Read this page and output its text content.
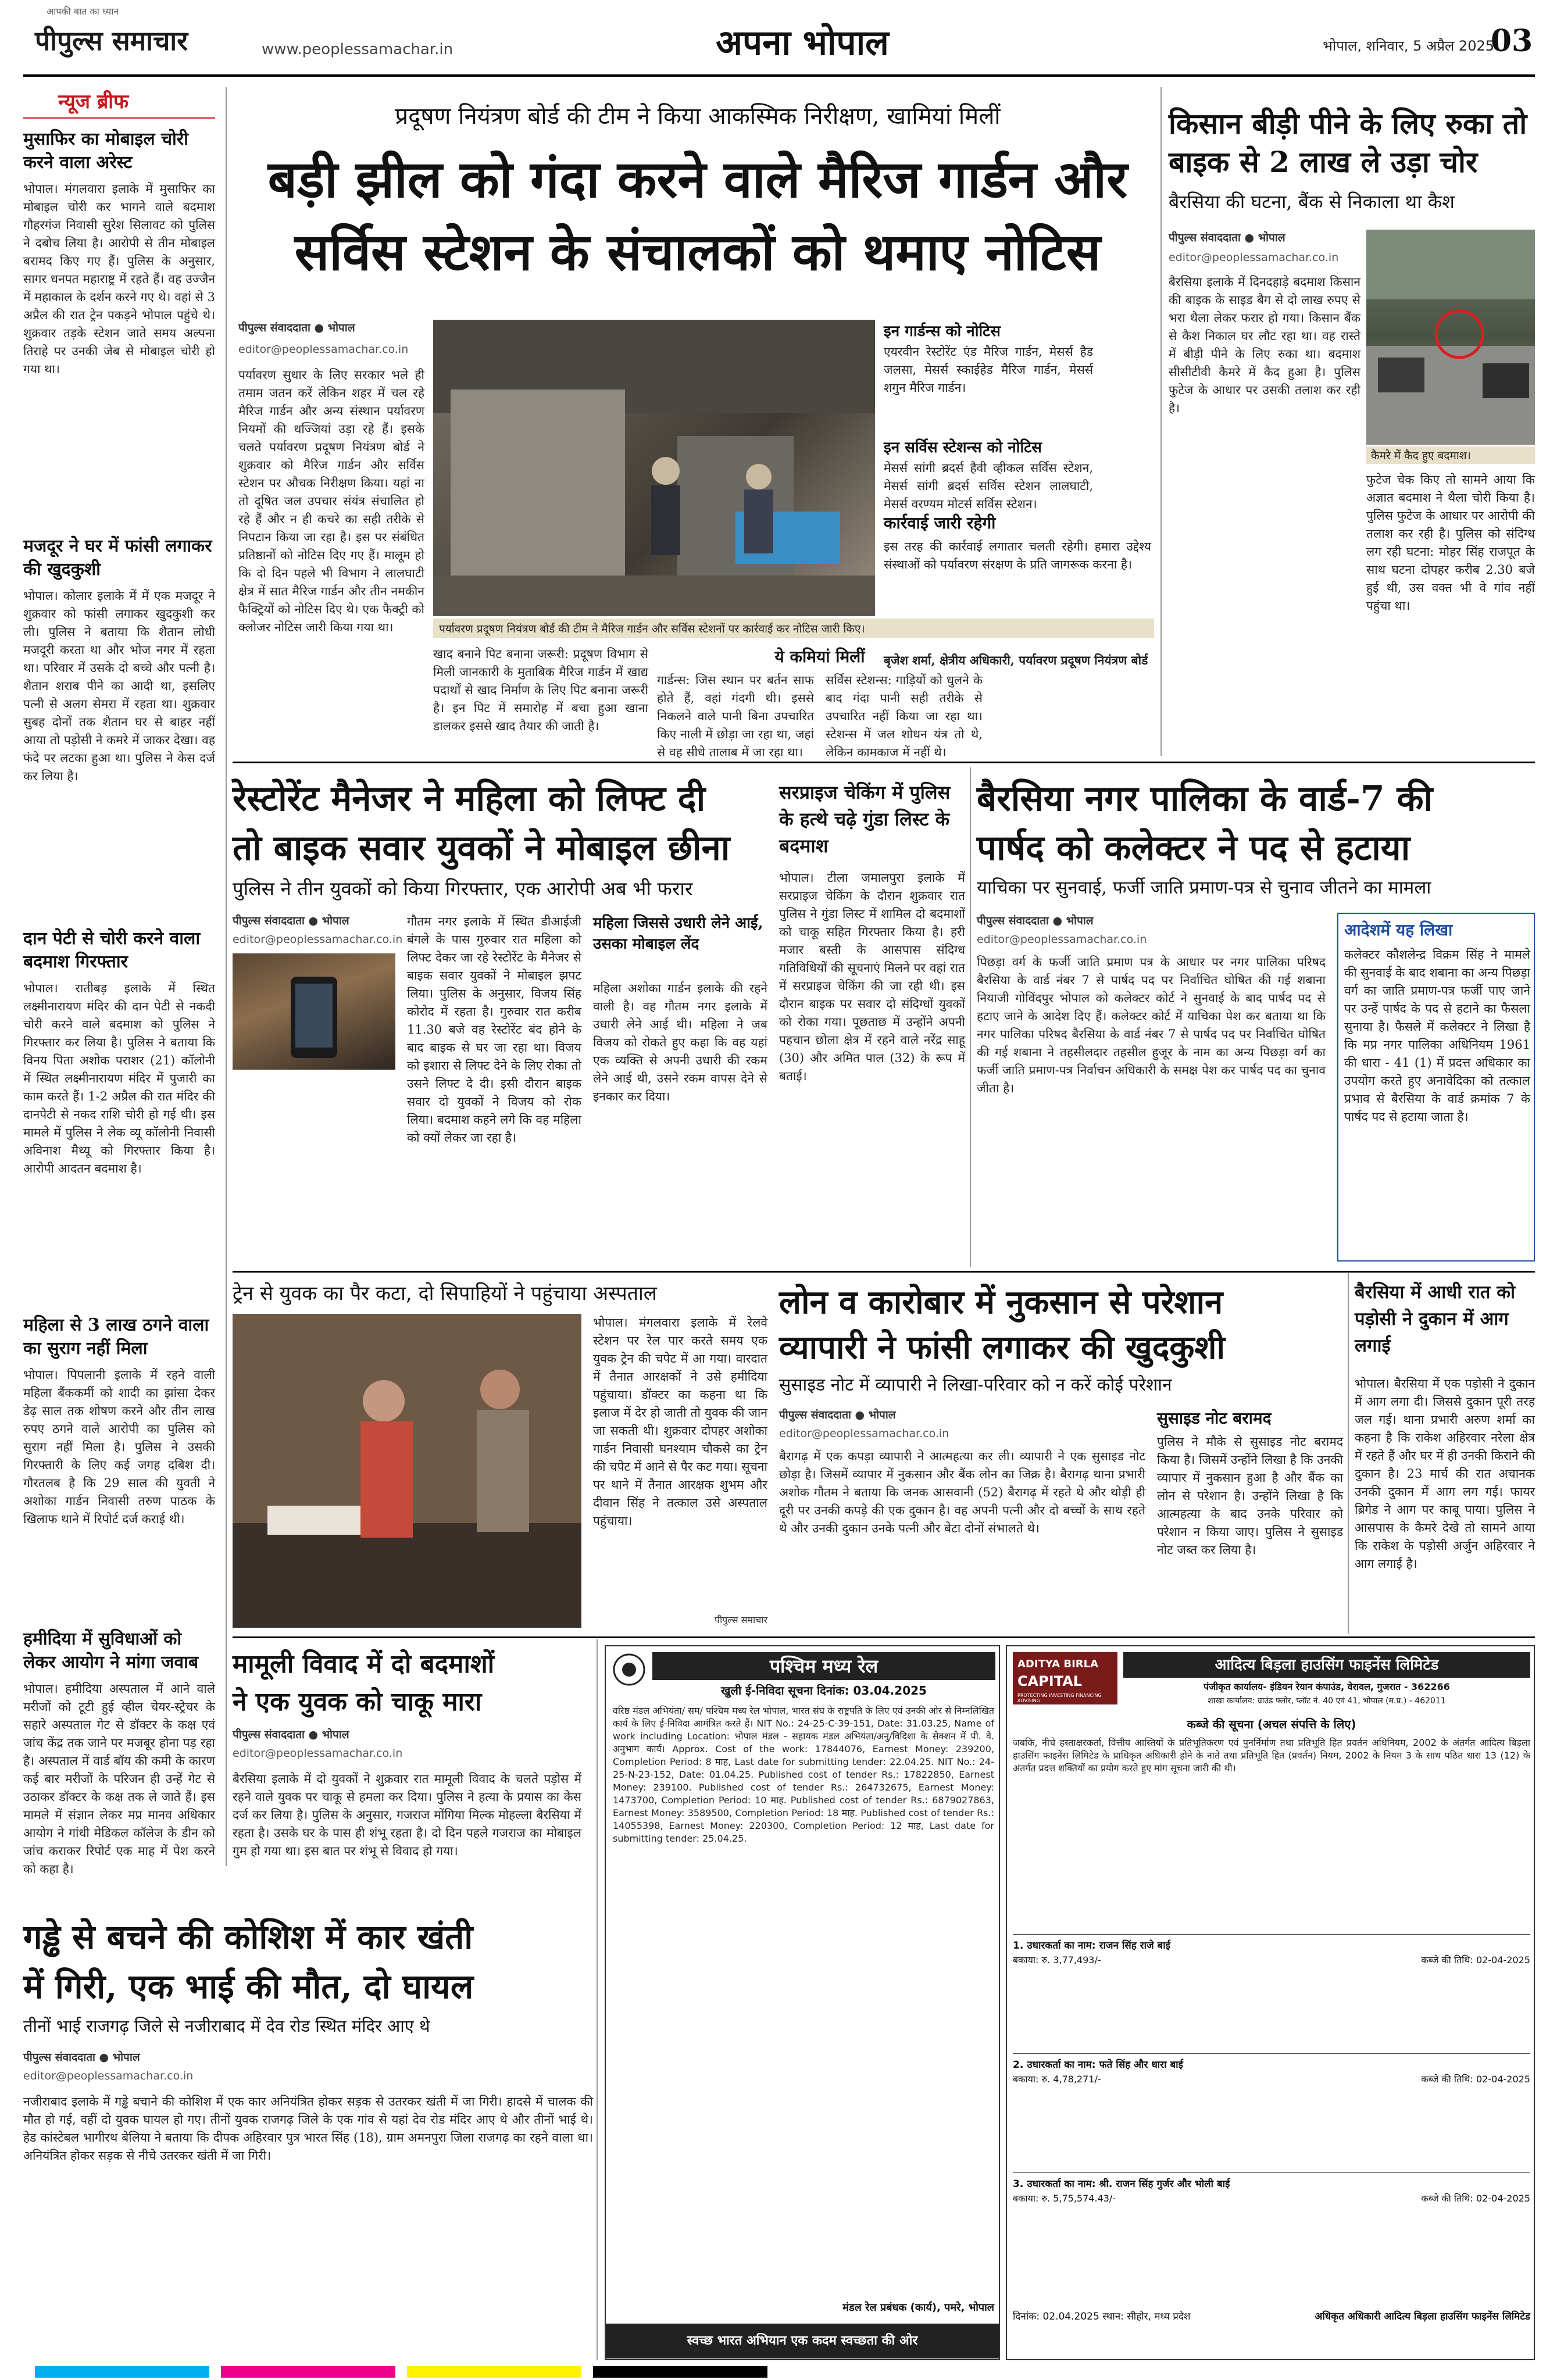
आपकी बात का ध्यान
पीपुल्स समाचार	www.peoplessamachar.in	अपना भोपाल	भोपाल, शनिवार, 5 अप्रैल 2025
03
न्यूज ब्रीफ
मुसाफिर का मोबाइल चोरी करने वाला अरेस्ट
भोपाल। मंगलवारा इलाके में मुसाफिर का मोबाइल चोरी कर भागने वाले बदमाश गौहरगंज निवासी सुरेश सिलावट को पुलिस ने दबोच लिया है। आरोपी से तीन मोबाइल बरामद किए गए हैं। पुलिस के अनुसार, सागर धनपत महाराष्ट्र में रहते हैं। वह उज्जैन में महाकाल के दर्शन करने गए थे। वहां से 3 अप्रैल की रात ट्रेन पकड़ने भोपाल पहुंचे थे। शुक्रवार तड़के स्टेशन जाते समय अल्पना तिराहे पर उनकी जेब से मोबाइल चोरी हो गया था।
मजदूर ने घर में फांसी लगाकर की खुदकुशी
भोपाल। कोलार इलाके में में एक मजदूर ने शुक्रवार को फांसी लगाकर खुदकुशी कर ली। पुलिस ने बताया कि शैतान लोधी मजदूरी करता था और भोज नगर में रहता था। परिवार में उसके दो बच्चे और पत्नी है। शैतान शराब पीने का आदी था, इसलिए पत्नी से अलग सेमरा में रहता था। शुक्रवार सुबह दोनों तक शैतान घर से बाहर नहीं आया तो पड़ोसी ने कमरे में जाकर देखा। वह फंदे पर लटका हुआ था। पुलिस ने केस दर्ज कर लिया है।
दान पेटी से चोरी करने वाला बदमाश गिरफ्तार
भोपाल। रातीबड़ इलाके में स्थित लक्ष्मीनारायण मंदिर की दान पेटी से नकदी चोरी करने वाले बदमाश को पुलिस ने गिरफ्तार कर लिया है। पुलिस ने बताया कि विनय पिता अशोक पराशर (21) कॉलोनी में स्थित लक्ष्मीनारायण मंदिर में पुजारी का काम करते हैं। 1-2 अप्रैल की रात मंदिर की दानपेटी से नकद राशि चोरी हो गई थी। इस मामले में पुलिस ने लेक व्यू कॉलोनी निवासी अविनाश मैथ्यू को गिरफ्तार किया है। आरोपी आदतन बदमाश है।
महिला से 3 लाख ठगने वाला का सुराग नहीं मिला
भोपाल। पिपलानी इलाके में रहने वाली महिला बैंककर्मी को शादी का झांसा देकर डेढ़ साल तक शोषण करने और तीन लाख रुपए ठगने वाले आरोपी का पुलिस को सुराग नहीं मिला है। पुलिस ने उसकी गिरफ्तारी के लिए कई जगह दबिश दी। गौरतलब है कि 29 साल की युवती ने अशोका गार्डन निवासी तरुण पाठक के खिलाफ थाने में रिपोर्ट दर्ज कराई थी।
हमीदिया में सुविधाओं को लेकर आयोग ने मांगा जवाब
भोपाल। हमीदिया अस्पताल में आने वाले मरीजों को टूटी हुई व्हील चेयर-स्ट्रेचर के सहारे अस्पताल गेट से डॉक्टर के कक्ष एवं जांच केंद्र तक जाने पर मजबूर होना पड़ रहा है। अस्पताल में वार्ड बॉय की कमी के कारण कई बार मरीजों के परिजन ही उन्हें गेट से उठाकर डॉक्टर के कक्ष तक ले जाते हैं। इस मामले में संज्ञान लेकर मप्र मानव अधिकार आयोग ने गांधी मेडिकल कॉलेज के डीन को जांच कराकर रिपोर्ट एक माह में पेश करने को कहा है।
प्रदूषण नियंत्रण बोर्ड की टीम ने किया आकस्मिक निरीक्षण, खामियां मिलीं
बड़ी झील को गंदा करने वाले मैरिज गार्डन और
सर्विस स्टेशन के संचालकों को थमाए नोटिस
पीपुल्स संवाददाता ● भोपाल
editor@peoplessamachar.co.in
पर्यावरण सुधार के लिए सरकार भले ही तमाम जतन करें लेकिन शहर में चल रहे मैरिज गार्डन और अन्य संस्थान पर्यावरण नियमों की धज्जियां उड़ा रहे हैं। इसके चलते पर्यावरण प्रदूषण नियंत्रण बोर्ड ने शुक्रवार को मैरिज गार्डन और सर्विस स्टेशन पर औचक निरीक्षण किया। यहां ना तो दूषित जल उपचार संयंत्र संचालित हो रहे हैं और न ही कचरे का सही तरीके से निपटान किया जा रहा है। इस पर संबंधित प्रतिष्ठानों को नोटिस दिए गए हैं। मालूम हो कि दो दिन पहले भी विभाग ने लालघाटी क्षेत्र में सात मैरिज गार्डन और तीन नमकीन फैक्ट्रियों को नोटिस दिए थे। एक फैक्ट्री को क्लोजर नोटिस जारी किया गया था।	पर्यावरण प्रदूषण नियंत्रण बोर्ड की टीम ने मैरिज गार्डन और सर्विस स्टेशनों पर कार्रवाई कर नोटिस जारी किए।
खाद बनाने पिट बनाना जरूरी: प्रदूषण विभाग से मिली जानकारी के मुताबिक मैरिज गार्डन में खाद्य पदार्थों से खाद निर्माण के लिए पिट बनाना जरूरी है। इन पिट में समारोह में बचा हुआ खाना डालकर इससे खाद तैयार की जाती है।
ये कमियां मिलीं
गार्डन्स: जिस स्थान पर बर्तन साफ होते हैं, वहां गंदगी थी। इससे निकलने वाले पानी बिना उपचारित किए नाली में छोड़ा जा रहा था, जहां से वह सीधे तालाब में जा रहा था।
सर्विस स्टेशन्स: गाड़ियों को धुलने के बाद गंदा पानी सही तरीके से उपचारित नहीं किया जा रहा था। स्टेशन्स में जल शोधन यंत्र तो थे, लेकिन कामकाज में नहीं थे।
इन गार्डन्स को नोटिस
एयरवीन रेस्टोरेंट एंड मैरिज गार्डन, मेसर्स हैड जलसा, मेसर्स स्काईहेड मैरिज गार्डन, मेसर्स शगुन मैरिज गार्डन।
इन सर्विस स्टेशन्स को नोटिस
मेसर्स सांगी ब्रदर्स हैवी व्हीकल सर्विस स्टेशन, मेसर्स सांगी ब्रदर्स सर्विस स्टेशन लालघाटी, मेसर्स वरण्यम मोटर्स सर्विस स्टेशन।
कार्रवाई जारी रहेगी
इस तरह की कार्रवाई लगातार चलती रहेगी। हमारा उद्देश्य संस्थाओं को पर्यावरण संरक्षण के प्रति जागरूक करना है।
बृजेश शर्मा, क्षेत्रीय अधिकारी, पर्यावरण प्रदूषण नियंत्रण बोर्ड
किसान बीड़ी पीने के लिए रुका तो बाइक से 2 लाख ले उड़ा चोर
बैरसिया की घटना, बैंक से निकाला था कैश
पीपुल्स संवाददाता ● भोपाल
editor@peoplessamachar.co.in
बैरसिया इलाके में दिनदहाड़े बदमाश किसान की बाइक के साइड बैग से दो लाख रुपए से भरा थैला लेकर फरार हो गया। किसान बैंक से कैश निकाल घर लौट रहा था। वह रास्ते में बीड़ी पीने के लिए रुका था। बदमाश सीसीटीवी कैमरे में कैद हुआ है। पुलिस फुटेज के आधार पर उसकी तलाश कर रही है।
कैमरे में कैद हुए बदमाश।
फुटेज चेक किए तो सामने आया कि अज्ञात बदमाश ने थैला चोरी किया है। पुलिस फुटेज के आधार पर आरोपी की तलाश कर रही है। पुलिस को संदिग्ध लग रही घटना: मोहर सिंह राजपूत के साथ घटना दोपहर करीब 2.30 बजे हुई थी, उस वक्त भी वे गांव नहीं पहुंचा था।
रेस्टोरेंट मैनेजर ने महिला को लिफ्ट दी
तो बाइक सवार युवकों ने मोबाइल छीना
पुलिस ने तीन युवकों को किया गिरफ्तार, एक आरोपी अब भी फरार
पीपुल्स संवाददाता ● भोपाल
editor@peoplessamachar.co.in
गौतम नगर इलाके में स्थित डीआईजी बंगले के पास गुरुवार रात महिला को लिफ्ट देकर जा रहे रेस्टोरेंट के मैनेजर से बाइक सवार युवकों ने मोबाइल झपट लिया। पुलिस के अनुसार, विजय सिंह कोरोद में रहता है। गुरुवार रात करीब 11.30 बजे वह रेस्टोरेंट बंद होने के बाद बाइक से घर जा रहा था। विजय को इशारा से लिफ्ट देने के लिए रोका तो उसने लिफ्ट दे दी। इसी दौरान बाइक सवार दो युवकों ने विजय को रोक लिया। बदमाश कहने लगे कि वह महिला को क्यों लेकर जा रहा है।
महिला जिससे उधारी लेने आई, उसका मोबाइल लेंद
महिला अशोका गार्डन इलाके की रहने वाली है। वह गौतम नगर इलाके में उधारी लेने आई थी। महिला ने जब विजय को रोकते हुए कहा कि वह यहां एक व्यक्ति से अपनी उधारी की रकम लेने आई थी, उसने रकम वापस देने से इनकार कर दिया।
सरप्राइज चेकिंग में पुलिस के हत्थे चढ़े गुंडा लिस्ट के बदमाश
भोपाल। टीला जमालपुरा इलाके में सरप्राइज चेकिंग के दौरान शुक्रवार रात पुलिस ने गुंडा लिस्ट में शामिल दो बदमाशों को चाकू सहित गिरफ्तार किया है। हरी मजार बस्ती के आसपास संदिग्ध गतिविधियों की सूचनाएं मिलने पर वहां रात में सरप्राइज चेकिंग की जा रही थी। इस दौरान बाइक पर सवार दो संदिग्धों युवकों को रोका गया। पूछताछ में उन्होंने अपनी पहचान छोला क्षेत्र में रहने वाले नरेंद्र साहू (30) और अमित पाल (32) के रूप में बताई।
बैरसिया नगर पालिका के वार्ड-7 की
पार्षद को कलेक्टर ने पद से हटाया
याचिका पर सुनवाई, फर्जी जाति प्रमाण-पत्र से चुनाव जीतने का मामला
पीपुल्स संवाददाता ● भोपाल
editor@peoplessamachar.co.in
पिछड़ा वर्ग के फर्जी जाति प्रमाण पत्र के आधार पर नगर पालिका परिषद बैरसिया के वार्ड नंबर 7 से पार्षद पद पर निर्वाचित घोषित की गई शबाना नियाजी गोविंदपुर भोपाल को कलेक्टर कोर्ट ने सुनवाई के बाद पार्षद पद से हटाए जाने के आदेश दिए हैं। कलेक्टर कोर्ट में याचिका पेश कर बताया था कि नगर पालिका परिषद बैरसिया के वार्ड नंबर 7 से पार्षद पद पर निर्वाचित घोषित की गई शबाना ने तहसीलदार तहसील हुजूर के नाम का अन्य पिछड़ा वर्ग का फर्जी जाति प्रमाण-पत्र निर्वाचन अधिकारी के समक्ष पेश कर पार्षद पद का चुनाव जीता है।
आदेशमें यह लिखा
कलेक्टर कौशलेन्द्र विक्रम सिंह ने मामले की सुनवाई के बाद शबाना का अन्य पिछड़ा वर्ग का जाति प्रमाण-पत्र फर्जी पाए जाने पर उन्हें पार्षद के पद से हटाने का फैसला सुनाया है। फैसले में कलेक्टर ने लिखा है कि मप्र नगर पालिका अधिनियम 1961 की धारा - 41 (1) में प्रदत्त अधिकार का उपयोग करते हुए अनावेदिका को तत्काल प्रभाव से बैरसिया के वार्ड क्रमांक 7 के पार्षद पद से हटाया जाता है।
ट्रेन से युवक का पैर कटा, दो सिपाहियों ने पहुंचाया अस्पताल
भोपाल। मंगलवारा इलाके में रेलवे स्टेशन पर रेल पार करते समय एक युवक ट्रेन की चपेट में आ गया। वारदात में तैनात आरक्षकों ने उसे हमीदिया पहुंचाया। डॉक्टर का कहना था कि इलाज में देर हो जाती तो युवक की जान जा सकती थी। शुक्रवार दोपहर अशोका गार्डन निवासी घनश्याम चौकसे का ट्रेन की चपेट में आने से पैर कट गया। सूचना पर थाने में तैनात आरक्षक शुभम और दीवान सिंह ने तत्काल उसे अस्पताल पहुंचाया।
पीपुल्स समाचार
लोन व कारोबार में नुकसान से परेशान
व्यापारी ने फांसी लगाकर की खुदकुशी
सुसाइड नोट में व्यापारी ने लिखा-परिवार को न करें कोई परेशान
पीपुल्स संवाददाता ● भोपाल
editor@peoplessamachar.co.in
बैरागढ़ में एक कपड़ा व्यापारी ने आत्महत्या कर ली। व्यापारी ने एक सुसाइड नोट छोड़ा है। जिसमें व्यापार में नुकसान और बैंक लोन का जिक्र है। बैरागढ़ थाना प्रभारी अशोक गौतम ने बताया कि जनक आसवानी (52) बैरागढ़ में रहते थे और थोड़ी ही दूरी पर उनकी कपड़े की एक दुकान है। वह अपनी पत्नी और दो बच्चों के साथ रहते थे और उनकी दुकान उनके पत्नी और बेटा दोनों संभालते थे।
सुसाइड नोट बरामद
पुलिस ने मौके से सुसाइड नोट बरामद किया है। जिसमें उन्होंने लिखा है कि उनकी व्यापार में नुकसान हुआ है और बैंक का लोन से परेशान है। उन्होंने लिखा है कि आत्महत्या के बाद उनके परिवार को परेशान न किया जाए। पुलिस ने सुसाइड नोट जब्त कर लिया है।
बैरसिया में आधी रात को पड़ोसी ने दुकान में आग लगाई
भोपाल। बैरसिया में एक पड़ोसी ने दुकान में आग लगा दी। जिससे दुकान पूरी तरह जल गई। थाना प्रभारी अरुण शर्मा का कहना है कि राकेश अहिरवार नरेला क्षेत्र में रहते हैं और घर में ही उनकी किराने की दुकान है। 23 मार्च की रात अचानक उनकी दुकान में आग लग गई। फायर ब्रिगेड ने आग पर काबू पाया। पुलिस ने आसपास के कैमरे देखे तो सामने आया कि राकेश के पड़ोसी अर्जुन अहिरवार ने आग लगाई है।
मामूली विवाद में दो बदमाशों
ने एक युवक को चाकू मारा
पीपुल्स संवाददाता ● भोपाल
editor@peoplessamachar.co.in
बैरसिया इलाके में दो युवकों ने शुक्रवार रात मामूली विवाद के चलते पड़ोस में रहने वाले युवक पर चाकू से हमला कर दिया। पुलिस ने हत्या के प्रयास का केस दर्ज कर लिया है। पुलिस के अनुसार, गजराज मोंगिया मिल्क मोहल्ला बैरसिया में रहता है। उसके घर के पास ही शंभू रहता है। दो दिन पहले गजराज का मोबाइल गुम हो गया था। इस बात पर शंभू से विवाद हो गया।
गड्ढे से बचने की कोशिश में कार खंती
में गिरी, एक भाई की मौत, दो घायल
तीनों भाई राजगढ़ जिले से नजीराबाद में देव रोड स्थित मंदिर आए थे
पीपुल्स संवाददाता ● भोपाल
editor@peoplessamachar.co.in
नजीराबाद इलाके में गड्ढे बचाने की कोशिश में एक कार अनियंत्रित होकर सड़क से उतरकर खंती में जा गिरी। हादसे में चालक की मौत हो गई, वहीं दो युवक घायल हो गए। तीनों युवक राजगढ़ जिले के एक गांव से यहां देव रोड मंदिर आए थे और तीनों भाई थे। हेड कांस्टेबल भागीरथ बेलिया ने बताया कि दीपक अहिरवार पुत्र भारत सिंह (18), ग्राम अमनपुरा जिला राजगढ़ का रहने वाला था। अनियंत्रित होकर सड़क से नीचे उतरकर खंती में जा गिरी।
पश्चिम मध्य रेल
खुली ई-निविदा सूचना दिनांक: 03.04.2025
वरिष्ठ मंडल अभियंता/ सम/ पश्चिम मध्य रेल भोपाल, भारत संघ के राष्ट्रपति के लिए एवं उनकी ओर से निम्नलिखित कार्य के लिए ई-निविदा आमंत्रित करते हैं। NIT No.: 24-25-C-39-151, Date: 31.03.25, Name of work including Location: भोपाल मंडल - सहायक मंडल अभियंता/अनु/विदिशा के सेक्शन में पी. वे. अनुभाग कार्य। Approx. Cost of the work: 17844076, Earnest Money: 239200, Completion Period: 8 माह, Last date for submitting tender: 22.04.25. NIT No.: 24-25-N-23-152, Date: 01.04.25. Published cost of tender Rs.: 17822850, Earnest Money: 239100. Published cost of tender Rs.: 264732675, Earnest Money: 1473700, Completion Period: 10 माह. Published cost of tender Rs.: 6879027863, Earnest Money: 3589500, Completion Period: 18 माह. Published cost of tender Rs.: 14055398, Earnest Money: 220300, Completion Period: 12 माह, Last date for submitting tender: 25.04.25.
मंडल रेल प्रबंधक (कार्य), पमरे, भोपाल
स्वच्छ भारत अभियान एक कदम स्वच्छता की ओर
ADITYA BIRLA
CAPITAL
PROTECTING INVESTING FINANCING ADVISING
आदित्य बिड़ला हाउसिंग फाइनेंस लिमिटेड
पंजीकृत कार्यालय- इंडियन रेयान कंपाउंड, वेरावल, गुजरात - 362266
शाखा कार्यालय: ग्राउंड फ्लोर, प्लॉट नं. 40 एवं 41, भोपाल (म.प्र.) - 462011
कब्जे की सूचना (अचल संपत्ति के लिए)
जबकि, नीचे हस्ताक्षरकर्ता, वित्तीय आस्तियों के प्रतिभूतिकरण एवं पुनर्निर्माण तथा प्रतिभूति हित प्रवर्तन अधिनियम, 2002 के अंतर्गत आदित्य बिड़ला हाउसिंग फाइनेंस लिमिटेड के प्राधिकृत अधिकारी होने के नाते तथा प्रतिभूति हित (प्रवर्तन) नियम, 2002 के नियम 3 के साथ पठित धारा 13 (12) के अंतर्गत प्रदत्त शक्तियों का प्रयोग करते हुए मांग सूचना जारी की थी।
1. उधारकर्ता का नाम: राजन सिंह राजे बाई
बकाया: रु. 3,77,493/-	कब्जे की तिथि: 02-04-2025
2. उधारकर्ता का नाम: फते सिंह और धारा बाई
बकाया: रु. 4,78,271/-	कब्जे की तिथि: 02-04-2025
3. उधारकर्ता का नाम: श्री. राजन सिंह गुर्जर और भोली बाई
बकाया: रु. 5,75,574.43/-	कब्जे की तिथि: 02-04-2025
दिनांक: 02.04.2025 स्थान: सीहोर, मध्य प्रदेश	अधिकृत अधिकारी आदित्य बिड़ला हाउसिंग फाइनेंस लिमिटेड
